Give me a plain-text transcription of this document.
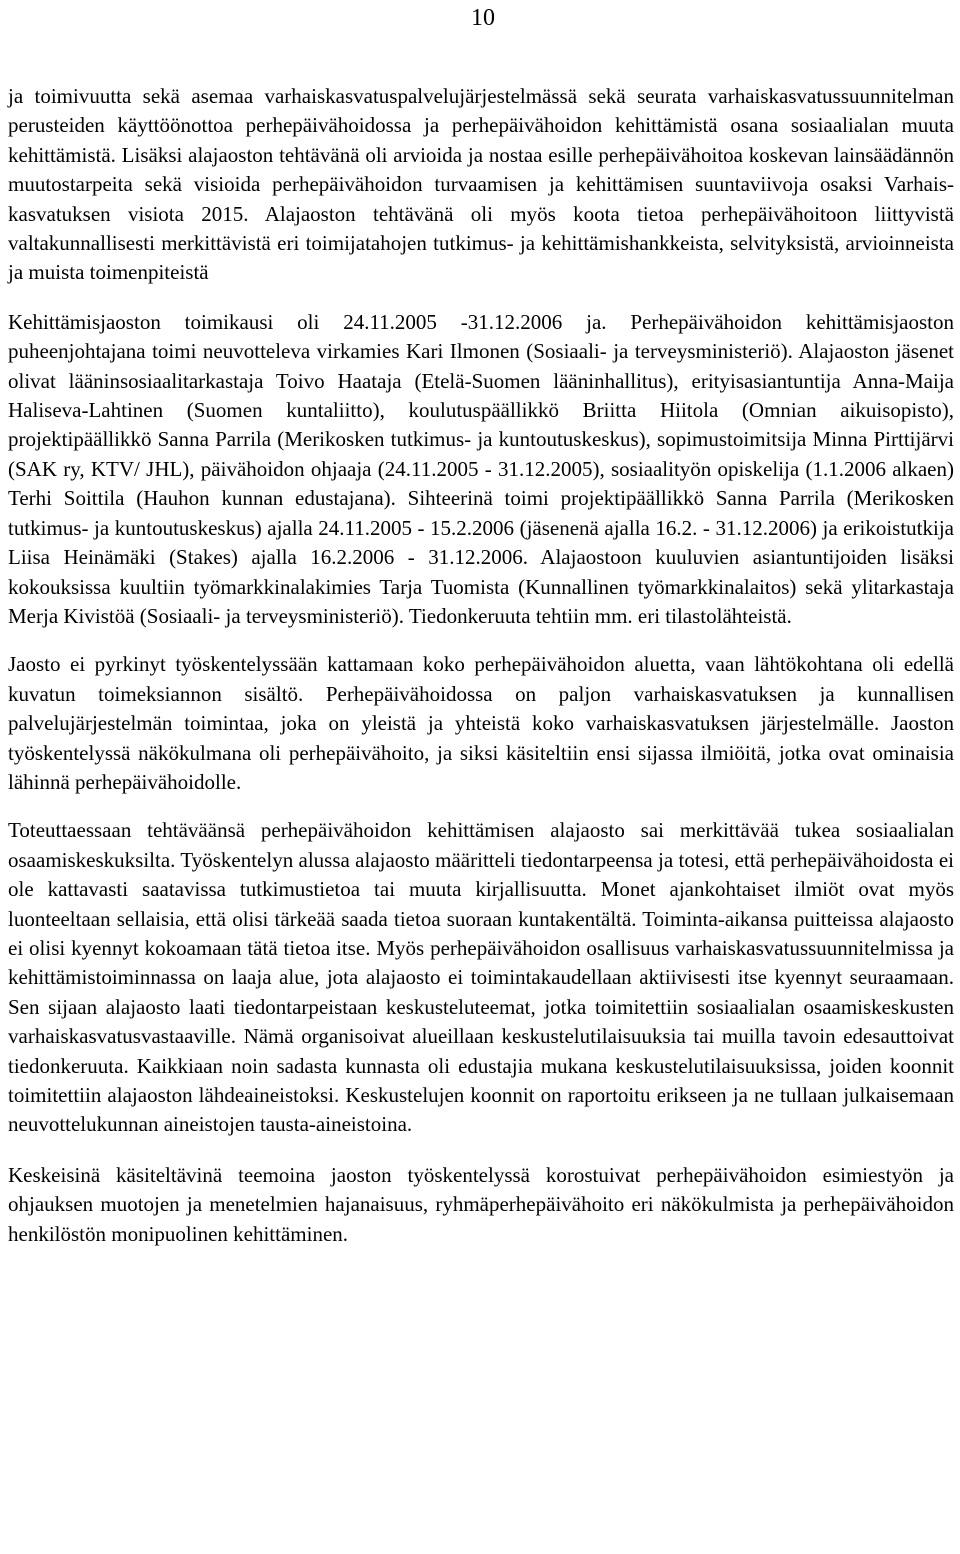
10

ja toimivuutta sekä asemaa varhaiskasvatuspalvelujärjestelmässä sekä seurata varhaiskasvatussuunnitelman perusteiden käyttöönottoa perhepäivähoidossa ja perhepäivähoidon kehittämistä osana sosiaalialan muuta kehittämistä. Lisäksi alajaoston tehtävänä oli arvioida ja nostaa esille perhepäivähoitoa koskevan lainsäädännön muutostarpeita sekä visioida perhepäivähoidon turvaamisen ja kehittämisen suuntaviivoja osaksi Varhaiskasvatuksen visiota 2015. Alajaoston tehtävänä oli myös koota tietoa perhepäivähoitoon liittyvistä valtakunnallisesti merkittävistä eri toimijatahojen tutkimus- ja kehittämishankkeista, selvityksistä, arvioinneista ja muista toimenpiteistä

Kehittämisjaoston toimikausi oli 24.11.2005 -31.12.2006 ja. Perhepäivähoidon kehittämisjaoston puheenjohtajana toimi neuvotteleva virkamies Kari Ilmonen (Sosiaali- ja terveysministeriö). Alajaoston jäsenet olivat lääninsosiaalitarkastaja Toivo Haataja (Etelä-Suomen lääninhallitus), erityisasiantuntija Anna-Maija Haliseva-Lahtinen (Suomen kuntaliitto), koulutuspäällikkö Briitta Hiitola (Omnian aikuisopisto), projektipäällikkö Sanna Parrila (Merikosken tutkimus- ja kuntoutuskeskus), sopimustoimitsija Minna Pirttijärvi (SAK ry, KTV/ JHL), päivähoidon ohjaaja (24.11.2005 - 31.12.2005), sosiaalityön opiskelija (1.1.2006 alkaen) Terhi Soittila (Hauhon kunnan edustajana). Sihteerinä toimi projektipäällikkö Sanna Parrila (Merikosken tutkimus- ja kuntoutuskeskus) ajalla 24.11.2005 - 15.2.2006 (jäsenenä ajalla 16.2. - 31.12.2006) ja erikoistutkija Liisa Heinämäki (Stakes) ajalla 16.2.2006 - 31.12.2006. Alajaostoon kuuluvien asiantuntijoiden lisäksi kokouksissa kuultiin työmarkkinalakimies Tarja Tuomista (Kunnallinen työmarkkinalaitos) sekä ylitarkastaja Merja Kivistöä (Sosiaali- ja terveysministeriö). Tiedonkeruuta tehtiin mm. eri tilastolähteistä.

Jaosto ei pyrkinyt työskentelyssään kattamaan koko perhepäivähoidon aluetta, vaan lähtökohtana oli edellä kuvatun toimeksiannon sisältö. Perhepäivähoidossa on paljon varhaiskasvatuksen ja kunnallisen palvelujärjestelmän toimintaa, joka on yleistä ja yhteistä koko varhaiskasvatuksen järjestelmälle. Jaoston työskentelyssä näkökulmana oli perhepäivähoito, ja siksi käsiteltiin ensi sijassa ilmiöitä, jotka ovat ominaisia lähinnä perhepäivähoidolle.

Toteuttaessaan tehtäväänsä perhepäivähoidon kehittämisen alajaosto sai merkittävää tukea sosiaalialan osaamiskeskuksilta. Työskentelyn alussa alajaosto määritteli tiedontarpeensa ja totesi, että perhepäivähoidosta ei ole kattavasti saatavissa tutkimustietoa tai muuta kirjallisuutta. Monet ajankohtaiset ilmiöt ovat myös luonteeltaan sellaisia, että olisi tärkeää saada tietoa suoraan kuntakentältä. Toiminta-aikansa puitteissa alajaosto ei olisi kyennyt kokoamaan tätä tietoa itse. Myös perhepäivähoidon osallisuus varhaiskasvatussuunnitelmissa ja kehittämistoiminnassa on laaja alue, jota alajaosto ei toimintakaudellaan aktiivisesti itse kyennyt seuraamaan. Sen sijaan alajaosto laati tiedontarpeistaan keskusteluteemat, jotka toimitettiin sosiaalialan osaamiskeskusten varhaiskasvatusvastaaville. Nämä organisoivat alueillaan keskustelutilaisuuksia tai muilla tavoin edesauttoivat tiedonkeruuta. Kaikkiaan noin sadasta kunnasta oli edustajia mukana keskustelutilaisuuksissa, joiden koonnit toimitettiin alajaoston lähdeaineistoksi. Keskustelujen koonnit on raportoitu erikseen ja ne tullaan julkaisemaan neuvottelukunnan aineistojen tausta-aineistoina.

Keskeisinä käsiteltävinä teemoina jaoston työskentelyssä korostuivat perhepäivähoidon esimiestyön ja ohjauksen muotojen ja menetelmien hajanaisuus, ryhmäperhepäivähoito eri näkökulmista ja perhepäivähoidon henkilöstön monipuolinen kehittäminen.
